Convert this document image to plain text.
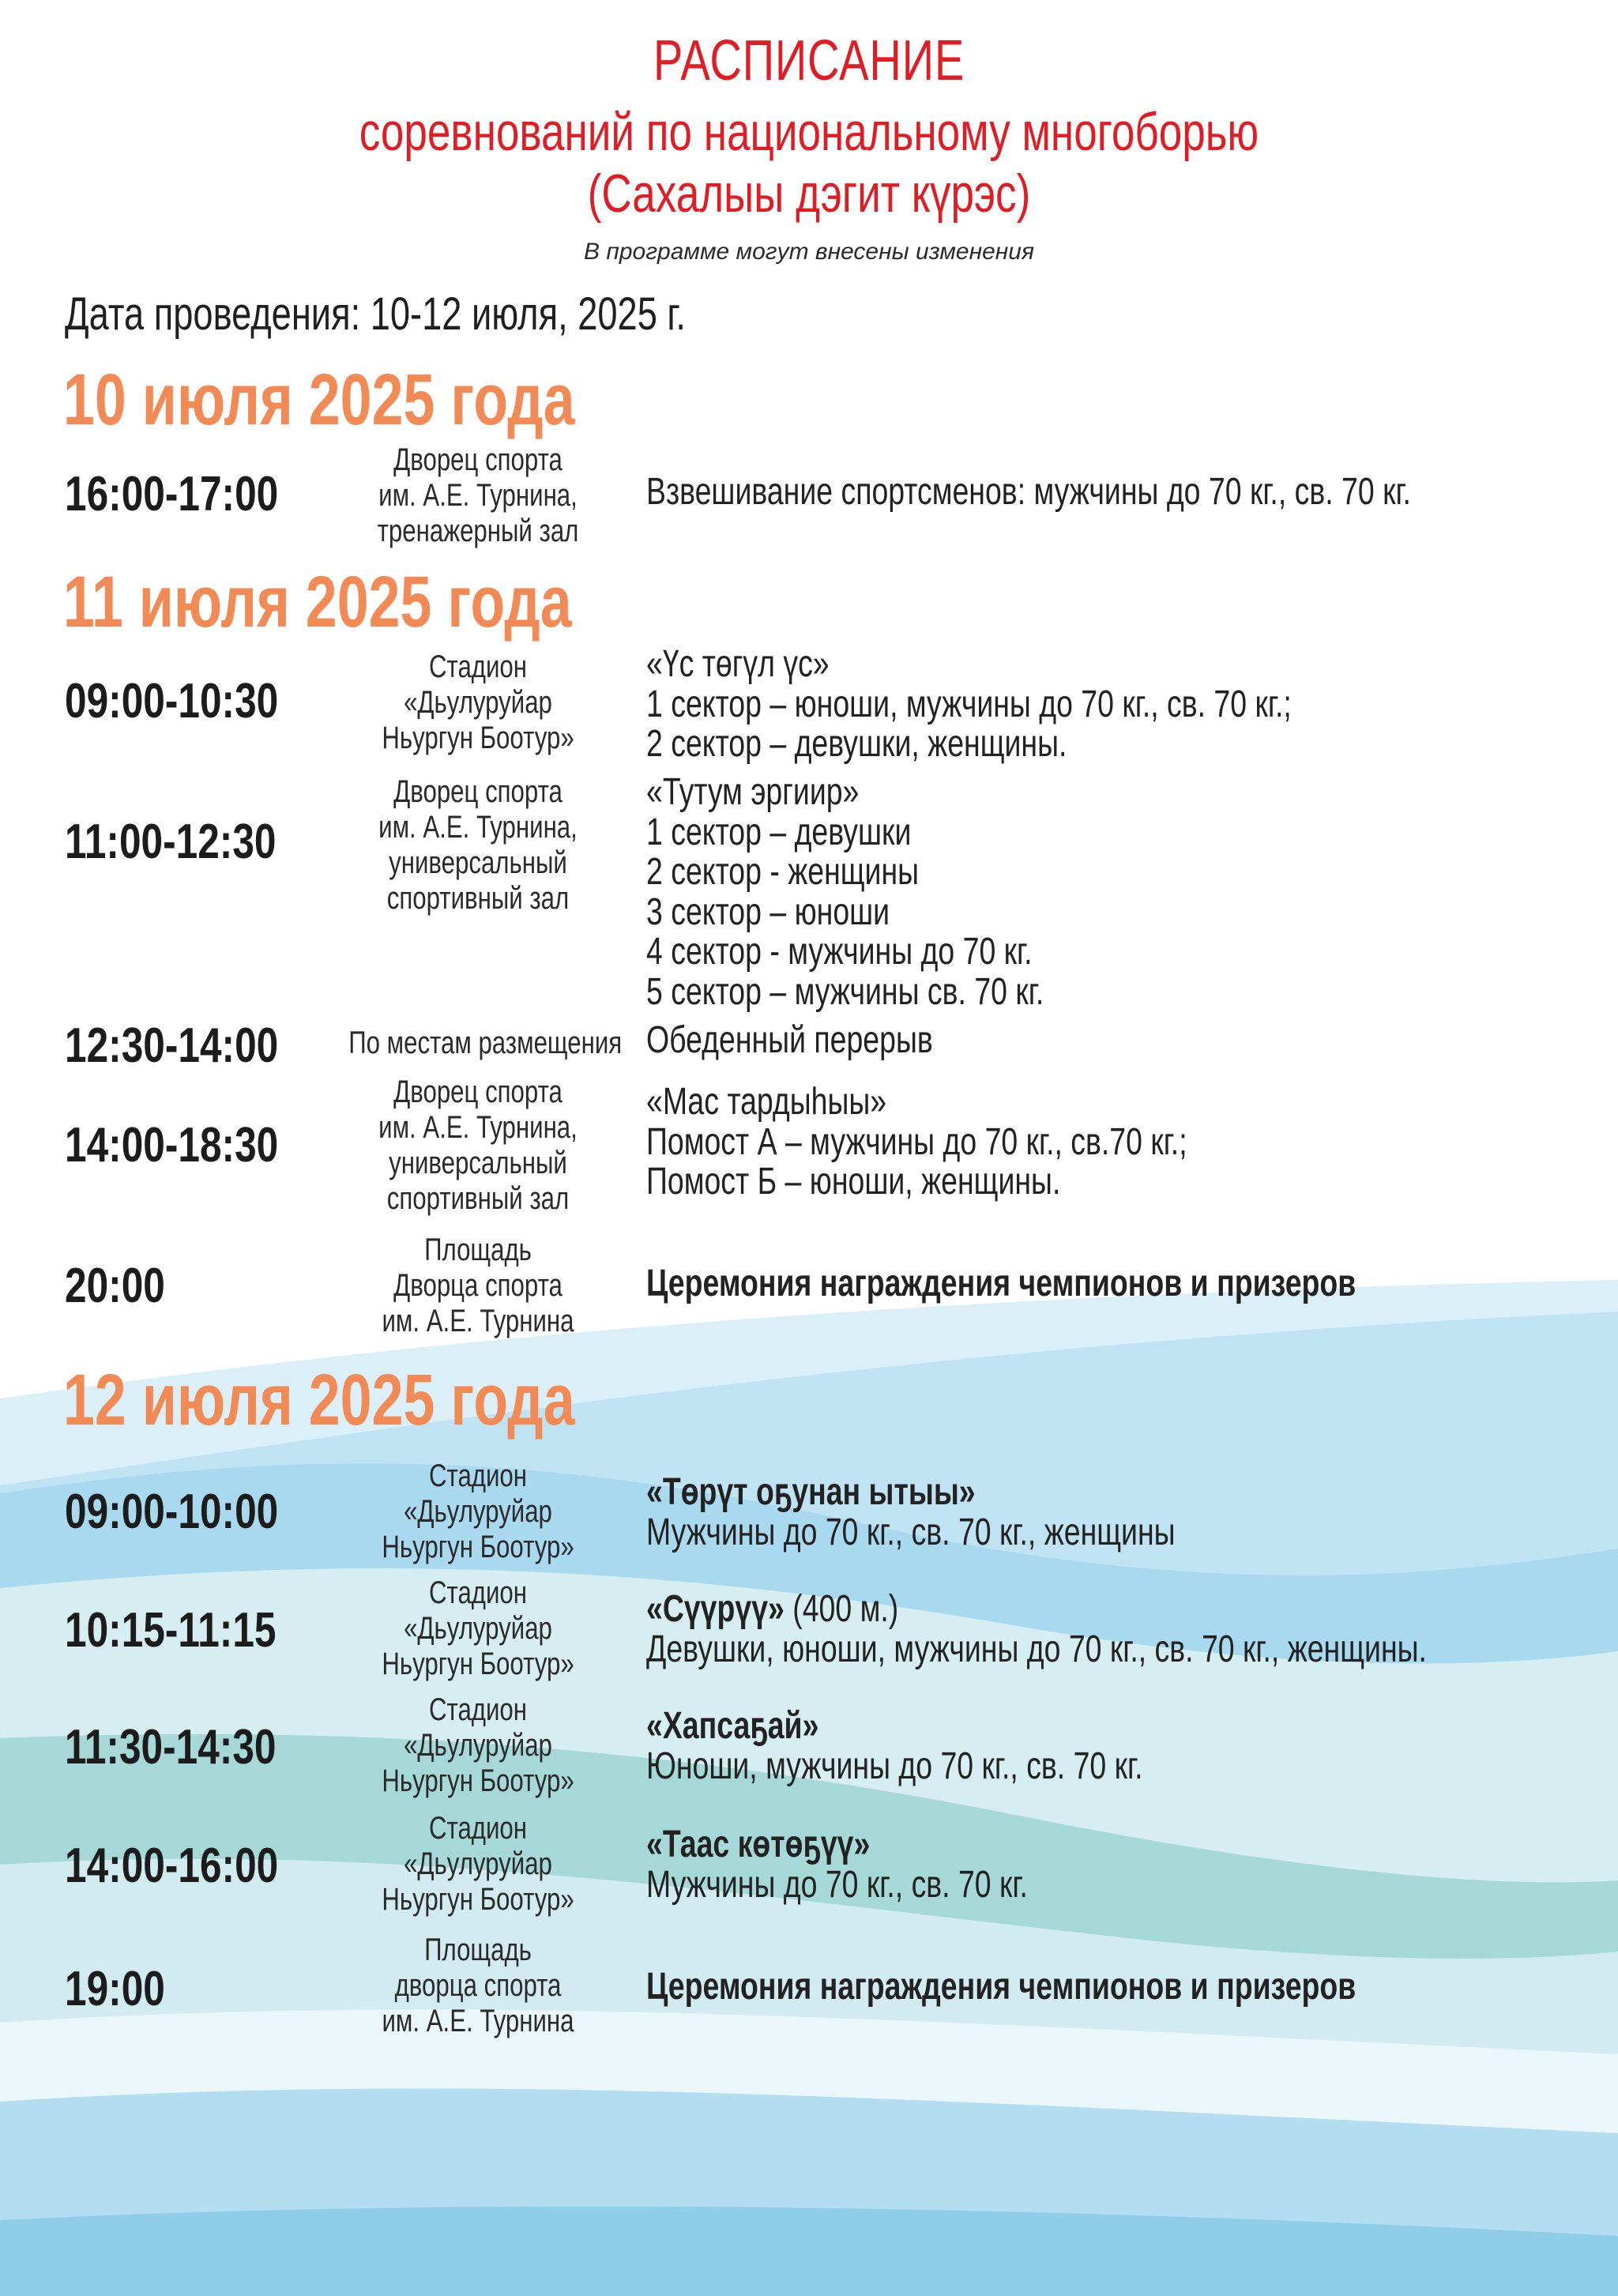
РАСПИСАНИЕ
соревнований по национальному многоборью
(Сахалыы дэгит күрэс)
В программе могут внесены изменения
Дата проведения: 10-12 июля, 2025 г.
10 июля 2025 года
16:00-17:00
Дворец спорта
им. А.Е. Турнина,
тренажерный зал
Взвешивание спортсменов: мужчины до 70 кг., св. 70 кг.
11 июля 2025 года
09:00-10:30
Стадион
«Дьулуруйар
Ньургун Боотур»
«Үс төгүл үс»
1 сектор – юноши, мужчины до 70 кг., св. 70 кг.;
2 сектор – девушки, женщины.
11:00-12:30
Дворец спорта
им. А.Е. Турнина,
универсальный
спортивный зал
«Тутум эргиир»
1 сектор – девушки
2 сектор - женщины
3 сектор – юноши
4 сектор - мужчины до 70 кг.
5 сектор – мужчины св. 70 кг.
12:30-14:00 По местам размещения Обеденный перерыв
14:00-18:30
Дворец спорта
им. А.Е. Турнина,
универсальный
спортивный зал
«Мас тардыһыы»
Помост А – мужчины до 70 кг., св.70 кг.;
Помост Б – юноши, женщины.
20:00
Площадь
Дворца спорта
им. А.Е. Турнина
Церемония награждения чемпионов и призеров
12 июля 2025 года
09:00-10:00
Стадион
«Дьулуруйар
Ньургун Боотур»
«Төрүт оҕунан ытыы»
Мужчины до 70 кг., св. 70 кг., женщины
10:15-11:15
Стадион
«Дьулуруйар
Ньургун Боотур»
«Сүүрүү» (400 м.)
Девушки, юноши, мужчины до 70 кг., св. 70 кг., женщины.
11:30-14:30
Стадион
«Дьулуруйар
Ньургун Боотур»
«Хапсаҕай»
Юноши, мужчины до 70 кг., св. 70 кг.
14:00-16:00
Стадион
«Дьулуруйар
Ньургун Боотур»
«Таас көтөҕүү»
Мужчины до 70 кг., св. 70 кг.
19:00
Площадь
дворца спорта
им. А.Е. Турнина
Церемония награждения чемпионов и призеров
